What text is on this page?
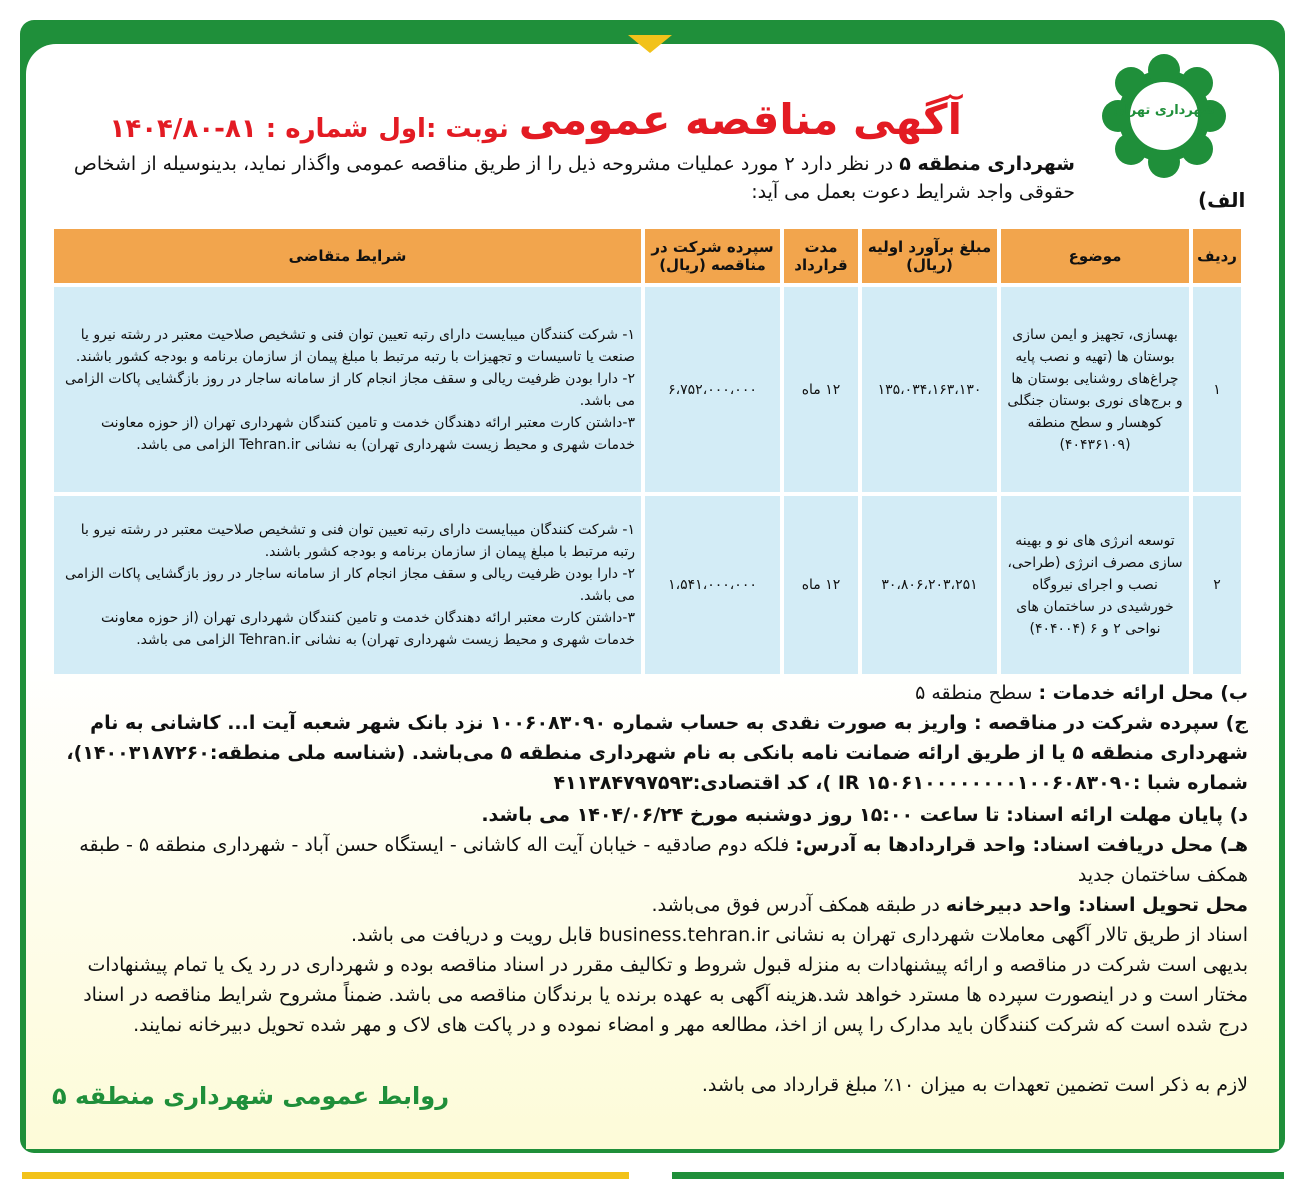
شهرداری تهران
آگهی مناقصه عمومی
نوبت :اول
شماره : ۸۱-۱۴۰۴/۸۰
شهرداری منطقه ۵ در نظر دارد ۲ مورد عملیات مشروحه ذیل را از طریق مناقصه عمومی واگذار نماید، بدینوسیله از اشخاص حقوقی واجد شرایط دعوت بعمل می آید:	الف)
ردیف	موضوع	مبلغ برآورد اولیه (ریال)	مدت قرارداد	سپرده شرکت در مناقصه (ریال)	شرایط متقاضی
۱	بهسازی، تجهیز و ایمن سازی بوستان ها (تهیه و نصب پایه چراغ‌های روشنایی بوستان ها و برج‌های نوری بوستان جنگلی کوهسار و سطح منطقه (۴۰۴۳۶۱۰۹)	۱۳۵،۰۳۴،۱۶۳،۱۳۰	۱۲ ماه	۶،۷۵۲،۰۰۰،۰۰۰	۱- شرکت کنندگان میبایست دارای رتبه تعیین توان فنی و تشخیص صلاحیت معتبر در رشته نیرو یا صنعت یا تاسیسات و تجهیزات با رتبه مرتبط با مبلغ پیمان از سازمان برنامه و بودجه کشور باشند.
۲- دارا بودن ظرفیت ریالی و سقف مجاز انجام کار از سامانه ساجار در روز بازگشایی پاکات الزامی می باشد.
۳-داشتن کارت معتبر ارائه دهندگان خدمت و تامین کنندگان شهرداری تهران (از حوزه معاونت خدمات شهری و محیط زیست شهرداری تهران) به نشانی Tehran.ir الزامی می باشد.

۲	توسعه انرژی های نو و بهینه سازی مصرف انرژی (طراحی، نصب و اجرای نیروگاه خورشیدی در ساختمان های نواحی ۲ و ۶ (۴۰۴۰۰۴)	۳۰،۸۰۶،۲۰۳،۲۵۱	۱۲ ماه	۱،۵۴۱،۰۰۰،۰۰۰	۱- شرکت کنندگان میبایست دارای رتبه تعیین توان فنی و تشخیص صلاحیت معتبر در رشته نیرو با رتبه مرتبط با مبلغ پیمان از سازمان برنامه و بودجه کشور باشند.
۲- دارا بودن ظرفیت ریالی و سقف مجاز انجام کار از سامانه ساجار در روز بازگشایی پاکات الزامی می باشد.
۳-داشتن کارت معتبر ارائه دهندگان خدمت و تامین کنندگان شهرداری تهران (از حوزه معاونت خدمات شهری و محیط زیست شهرداری تهران) به نشانی Tehran.ir الزامی می باشد.
ب) محل ارائه خدمات : سطح منطقه ۵
ج) سپرده شرکت در مناقصه : واریز به صورت نقدی به حساب شماره ۱۰۰۶۰۸۳۰۹۰ نزد بانک شهر شعبه آیت ا... کاشانی به نام شهرداری منطقه ۵ یا از طریق ارائه ضمانت نامه بانکی به نام شهرداری منطقه ۵ می‌باشد. (شناسه ملی منطقه:۱۴۰۰۳۱۸۷۲۶۰)، شماره شبا :IR ۱۵۰۶۱۰۰۰۰۰۰۰۰۱۰۰۶۰۸۳۰۹۰ )، کد اقتصادی:۴۱۱۳۸۴۷۹۷۵۹۳
د) پایان مهلت ارائه اسناد: تا ساعت ۱۵:۰۰ روز دوشنبه مورخ ۱۴۰۴/۰۶/۲۴ می باشد.
هـ) محل دریافت اسناد: واحد قراردادها به آدرس: فلکه دوم صادقیه - خیابان آیت اله کاشانی - ایستگاه حسن آباد - شهرداری منطقه ۵ - طبقه همکف ساختمان جدید
محل تحویل اسناد: واحد دبیرخانه در طبقه همکف آدرس فوق می‌باشد.
اسناد از طریق تالار آگهی معاملات شهرداری تهران به نشانی business.tehran.ir قابل رویت و دریافت می باشد.
بدیهی است شرکت در مناقصه و ارائه پیشنهادات به منزله قبول شروط و تکالیف مقرر در اسناد مناقصه بوده و شهرداری در رد یک یا تمام پیشنهادات مختار است و در اینصورت سپرده ها مسترد خواهد شد.هزینه آگهی به عهده برنده یا برندگان مناقصه می باشد. ضمناً مشروح شرایط مناقصه در اسناد درج شده است که شرکت کنندگان باید مدارک را پس از اخذ، مطالعه مهر و امضاء نموده و در پاکت های لاک و مهر شده تحویل دبیرخانه نمایند.
لازم به ذکر است تضمین تعهدات به میزان ۱۰٪ مبلغ قرارداد می باشد.
روابط عمومی شهرداری منطقه ۵
